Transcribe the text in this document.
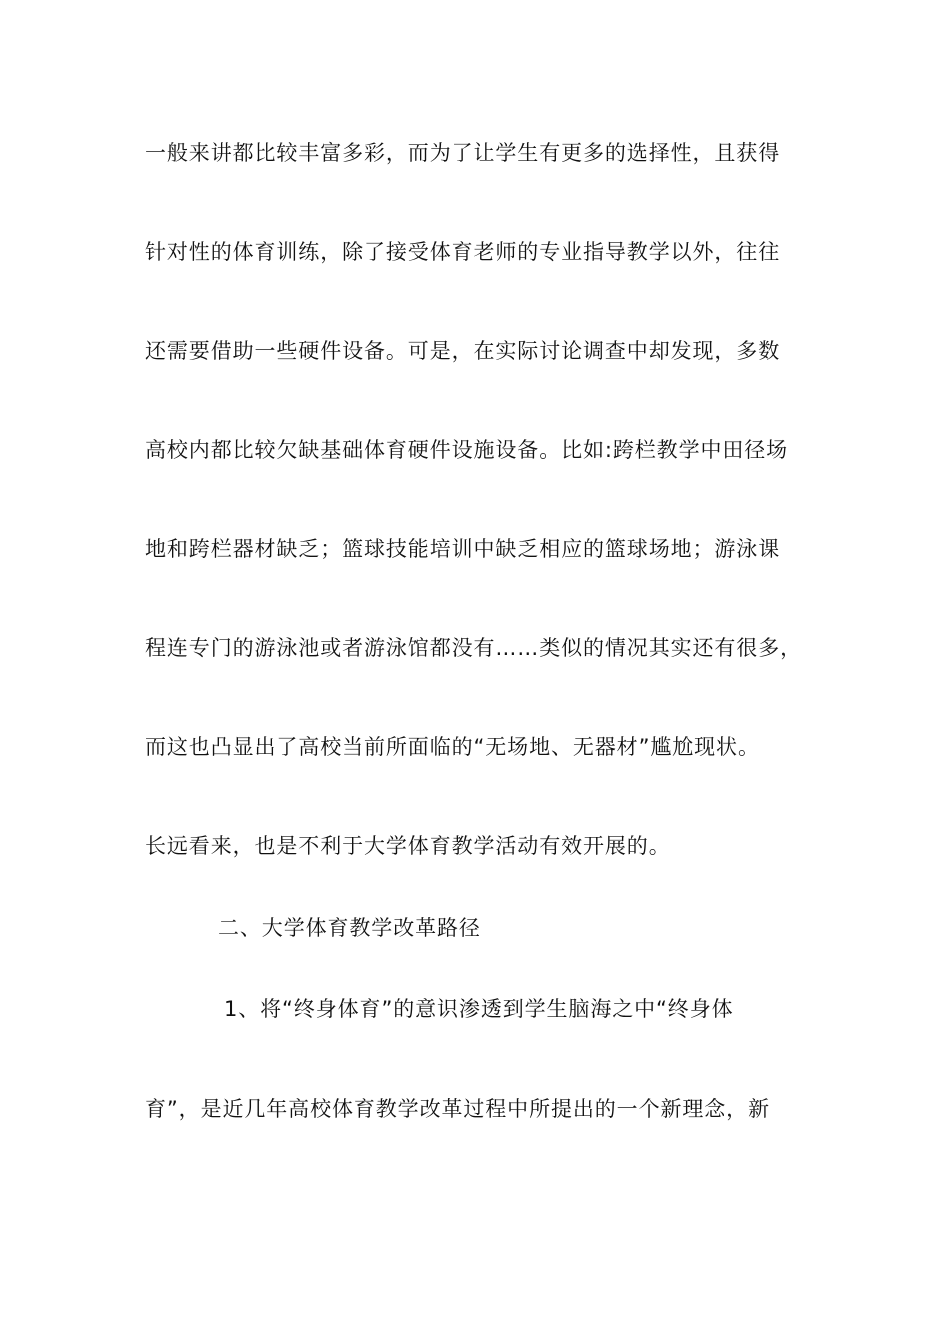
一般来讲都比较丰富多彩，而为了让学生有更多的选择性，且获得
针对性的体育训练，除了接受体育老师的专业指导教学以外，往往
还需要借助一些硬件设备。可是，在实际讨论调查中却发现，多数
高校内都比较欠缺基础体育硬件设施设备。比如:跨栏教学中田径场
地和跨栏器材缺乏；篮球技能培训中缺乏相应的篮球场地；游泳课
程连专门的游泳池或者游泳馆都没有……类似的情况其实还有很多，
而这也凸显出了高校当前所面临的“无场地、无器材”尴尬现状。
长远看来，也是不利于大学体育教学活动有效开展的。
二、大学体育教学改革路径
1、将“终身体育”的意识渗透到学生脑海之中“终身体
育”，是近几年高校体育教学改革过程中所提出的一个新理念，新
